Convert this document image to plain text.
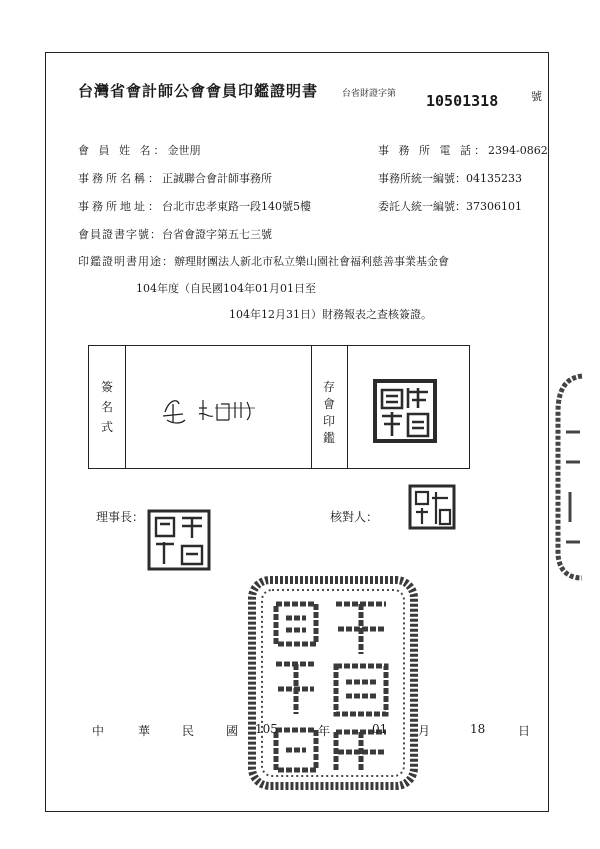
台灣省會計師公會會員印鑑證明書	台省財證字第 10501318	號
會 員 姓 名：金世朋	事 務 所 電 話：2394-0862
事務所名稱：正誠聯合會計師事務所	事務所統一編號：04135233
事務所地址：台北市忠孝東路一段140號5樓	委託人統一編號：37306101
會員證書字號：台省會證字第五七三號
印鑑證明書用途：辦理財團法人新北市私立樂山園社會福利慈善事業基金會
104年度（自民國104年01月01日至
104年12月31日）財務報表之查核簽證。
簽
名
式
存
會
印
鑑
理事長：	核對人：
中	華	民	國 105	年	01	月	18	日
